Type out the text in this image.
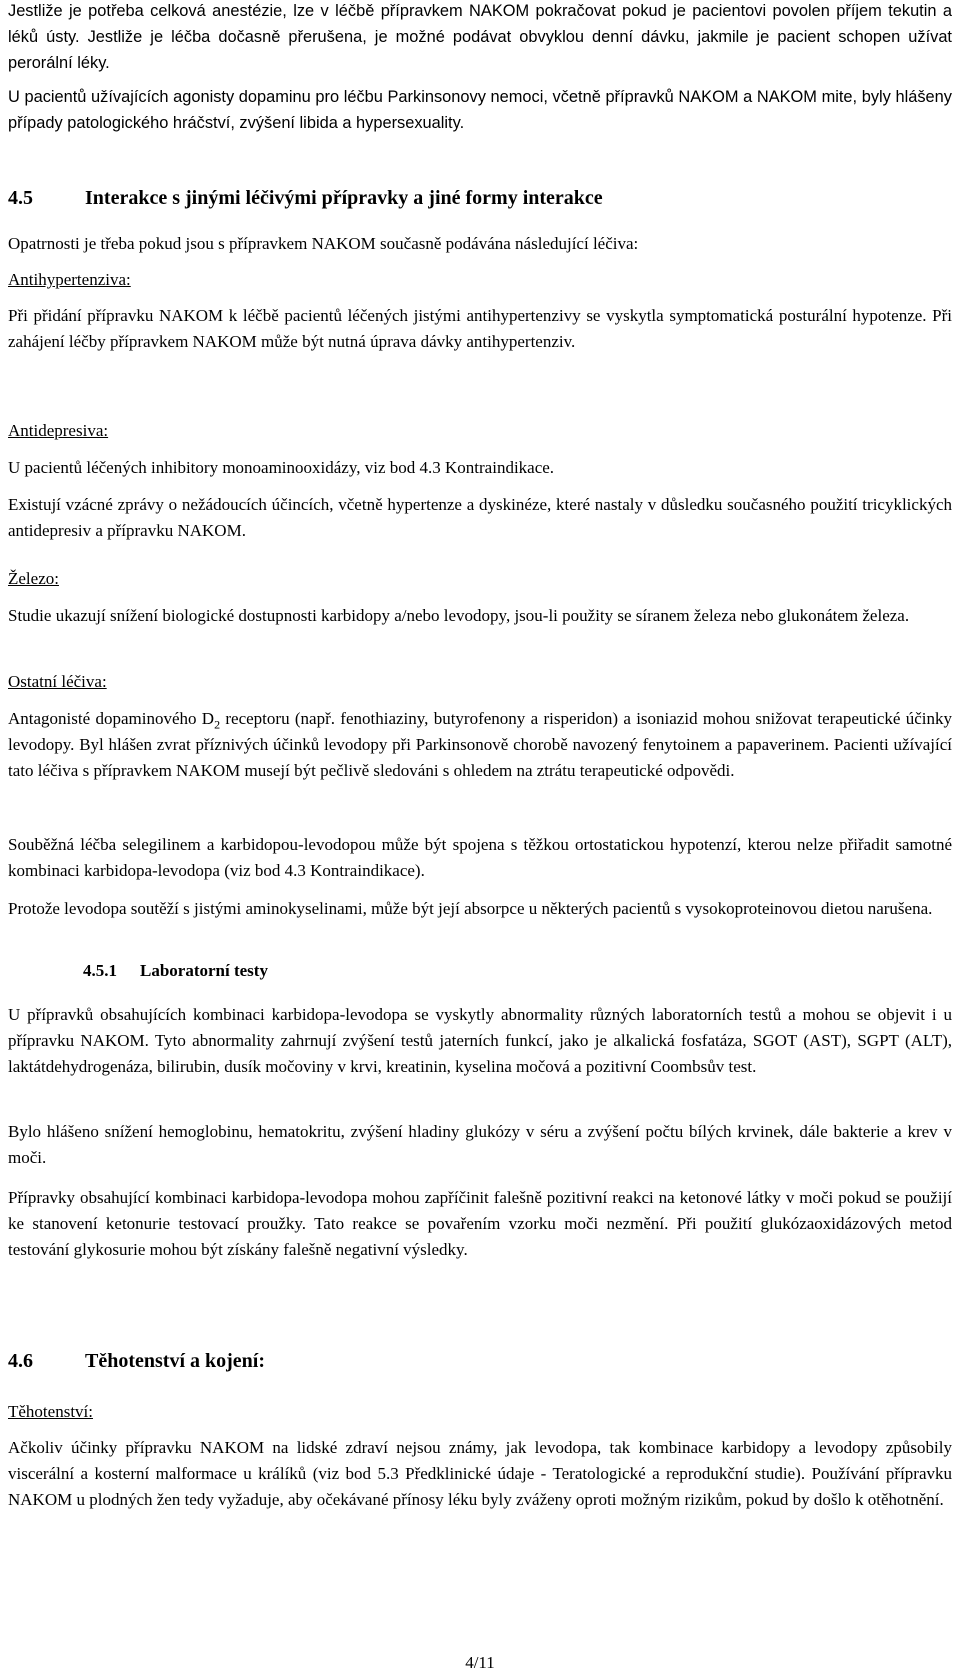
Jestliže je potřeba celková anestézie, lze v léčbě přípravkem NAKOM pokračovat pokud je pacientovi povolen příjem tekutin a léků ústy. Jestliže je léčba dočasně přerušena, je možné podávat obvyklou denní dávku, jakmile je pacient schopen užívat perorální léky.

U pacientů užívajících agonisty dopaminu pro léčbu Parkinsonovy nemoci, včetně přípravků NAKOM a NAKOM mite, byly hlášeny případy patologického hráčství, zvýšení libida a hypersexuality.

4.5	Interakce s jinými léčivými přípravky a jiné formy interakce

Opatrnosti je třeba pokud jsou s přípravkem NAKOM současně podávána následující léčiva:

Antihypertenziva:

Při přidání přípravku NAKOM k léčbě pacientů léčených jistými antihypertenzivy se vyskytla symptomatická posturální hypotenze. Při zahájení léčby přípravkem NAKOM může být nutná úprava dávky antihypertenziv.

Antidepresiva:

U pacientů léčených inhibitory monoaminooxidázy, viz bod 4.3 Kontraindikace.

Existují vzácné zprávy o nežádoucích účincích, včetně hypertenze a dyskinéze, které nastaly v důsledku současného použití tricyklických antidepresiv a přípravku NAKOM.

Železo:

Studie ukazují snížení biologické dostupnosti karbidopy a/nebo levodopy, jsou-li použity se síranem železa nebo glukonátem železa.

Ostatní léčiva:

Antagonisté dopaminového $D_2$ receptoru (např. fenothiaziny, butyrofenony a risperidon) a isoniazid mohou snižovat terapeutické účinky levodopy. Byl hlášen zvrat příznivých účinků levodopy při Parkinsonově chorobě navozený fenytoinem a papaverinem. Pacienti užívající tato léčiva s přípravkem NAKOM musejí být pečlivě sledováni s ohledem na ztrátu terapeutické odpovědi.

Souběžná léčba selegilinem a karbidopou-levodopou může být spojena s těžkou ortostatickou hypotenzí, kterou nelze přiřadit samotné kombinaci karbidopa-levodopa (viz bod 4.3 Kontraindikace).

Protože levodopa soutěží s jistými aminokyselinami, může být její absorpce u některých pacientů s vysokoproteinovou dietou narušena.

4.5.1 Laboratorní testy

U přípravků obsahujících kombinaci karbidopa-levodopa se vyskytly abnormality různých laboratorních testů a mohou se objevit i u přípravku NAKOM. Tyto abnormality zahrnují zvýšení testů jaterních funkcí, jako je alkalická fosfatáza, SGOT (AST), SGPT (ALT), laktátdehydrogenáza, bilirubin, dusík močoviny v krvi, kreatinin, kyselina močová a pozitivní Coombsův test.

Bylo hlášeno snížení hemoglobinu, hematokritu, zvýšení hladiny glukózy v séru a zvýšení počtu bílých krvinek, dále bakterie a krev v moči.

Přípravky obsahující kombinaci karbidopa-levodopa mohou zapříčinit falešně pozitivní reakci na ketonové látky v moči pokud se použijí ke stanovení ketonurie testovací proužky. Tato reakce se povařením vzorku moči nezmění. Při použití glukózaoxidázových metod testování glykosurie mohou být získány falešně negativní výsledky.

4.6	Těhotenství a kojení:

Těhotenství:

Ačkoliv účinky přípravku NAKOM na lidské zdraví nejsou známy, jak levodopa, tak kombinace karbidopy a levodopy způsobily viscerální a kosterní malformace u králíků (viz bod 5.3 Předklinické údaje - Teratologické a reprodukční studie). Používání přípravku NAKOM u plodných žen tedy vyžaduje, aby očekávané přínosy léku byly zváženy oproti možným rizikům, pokud by došlo k otěhotnění.

4/11
